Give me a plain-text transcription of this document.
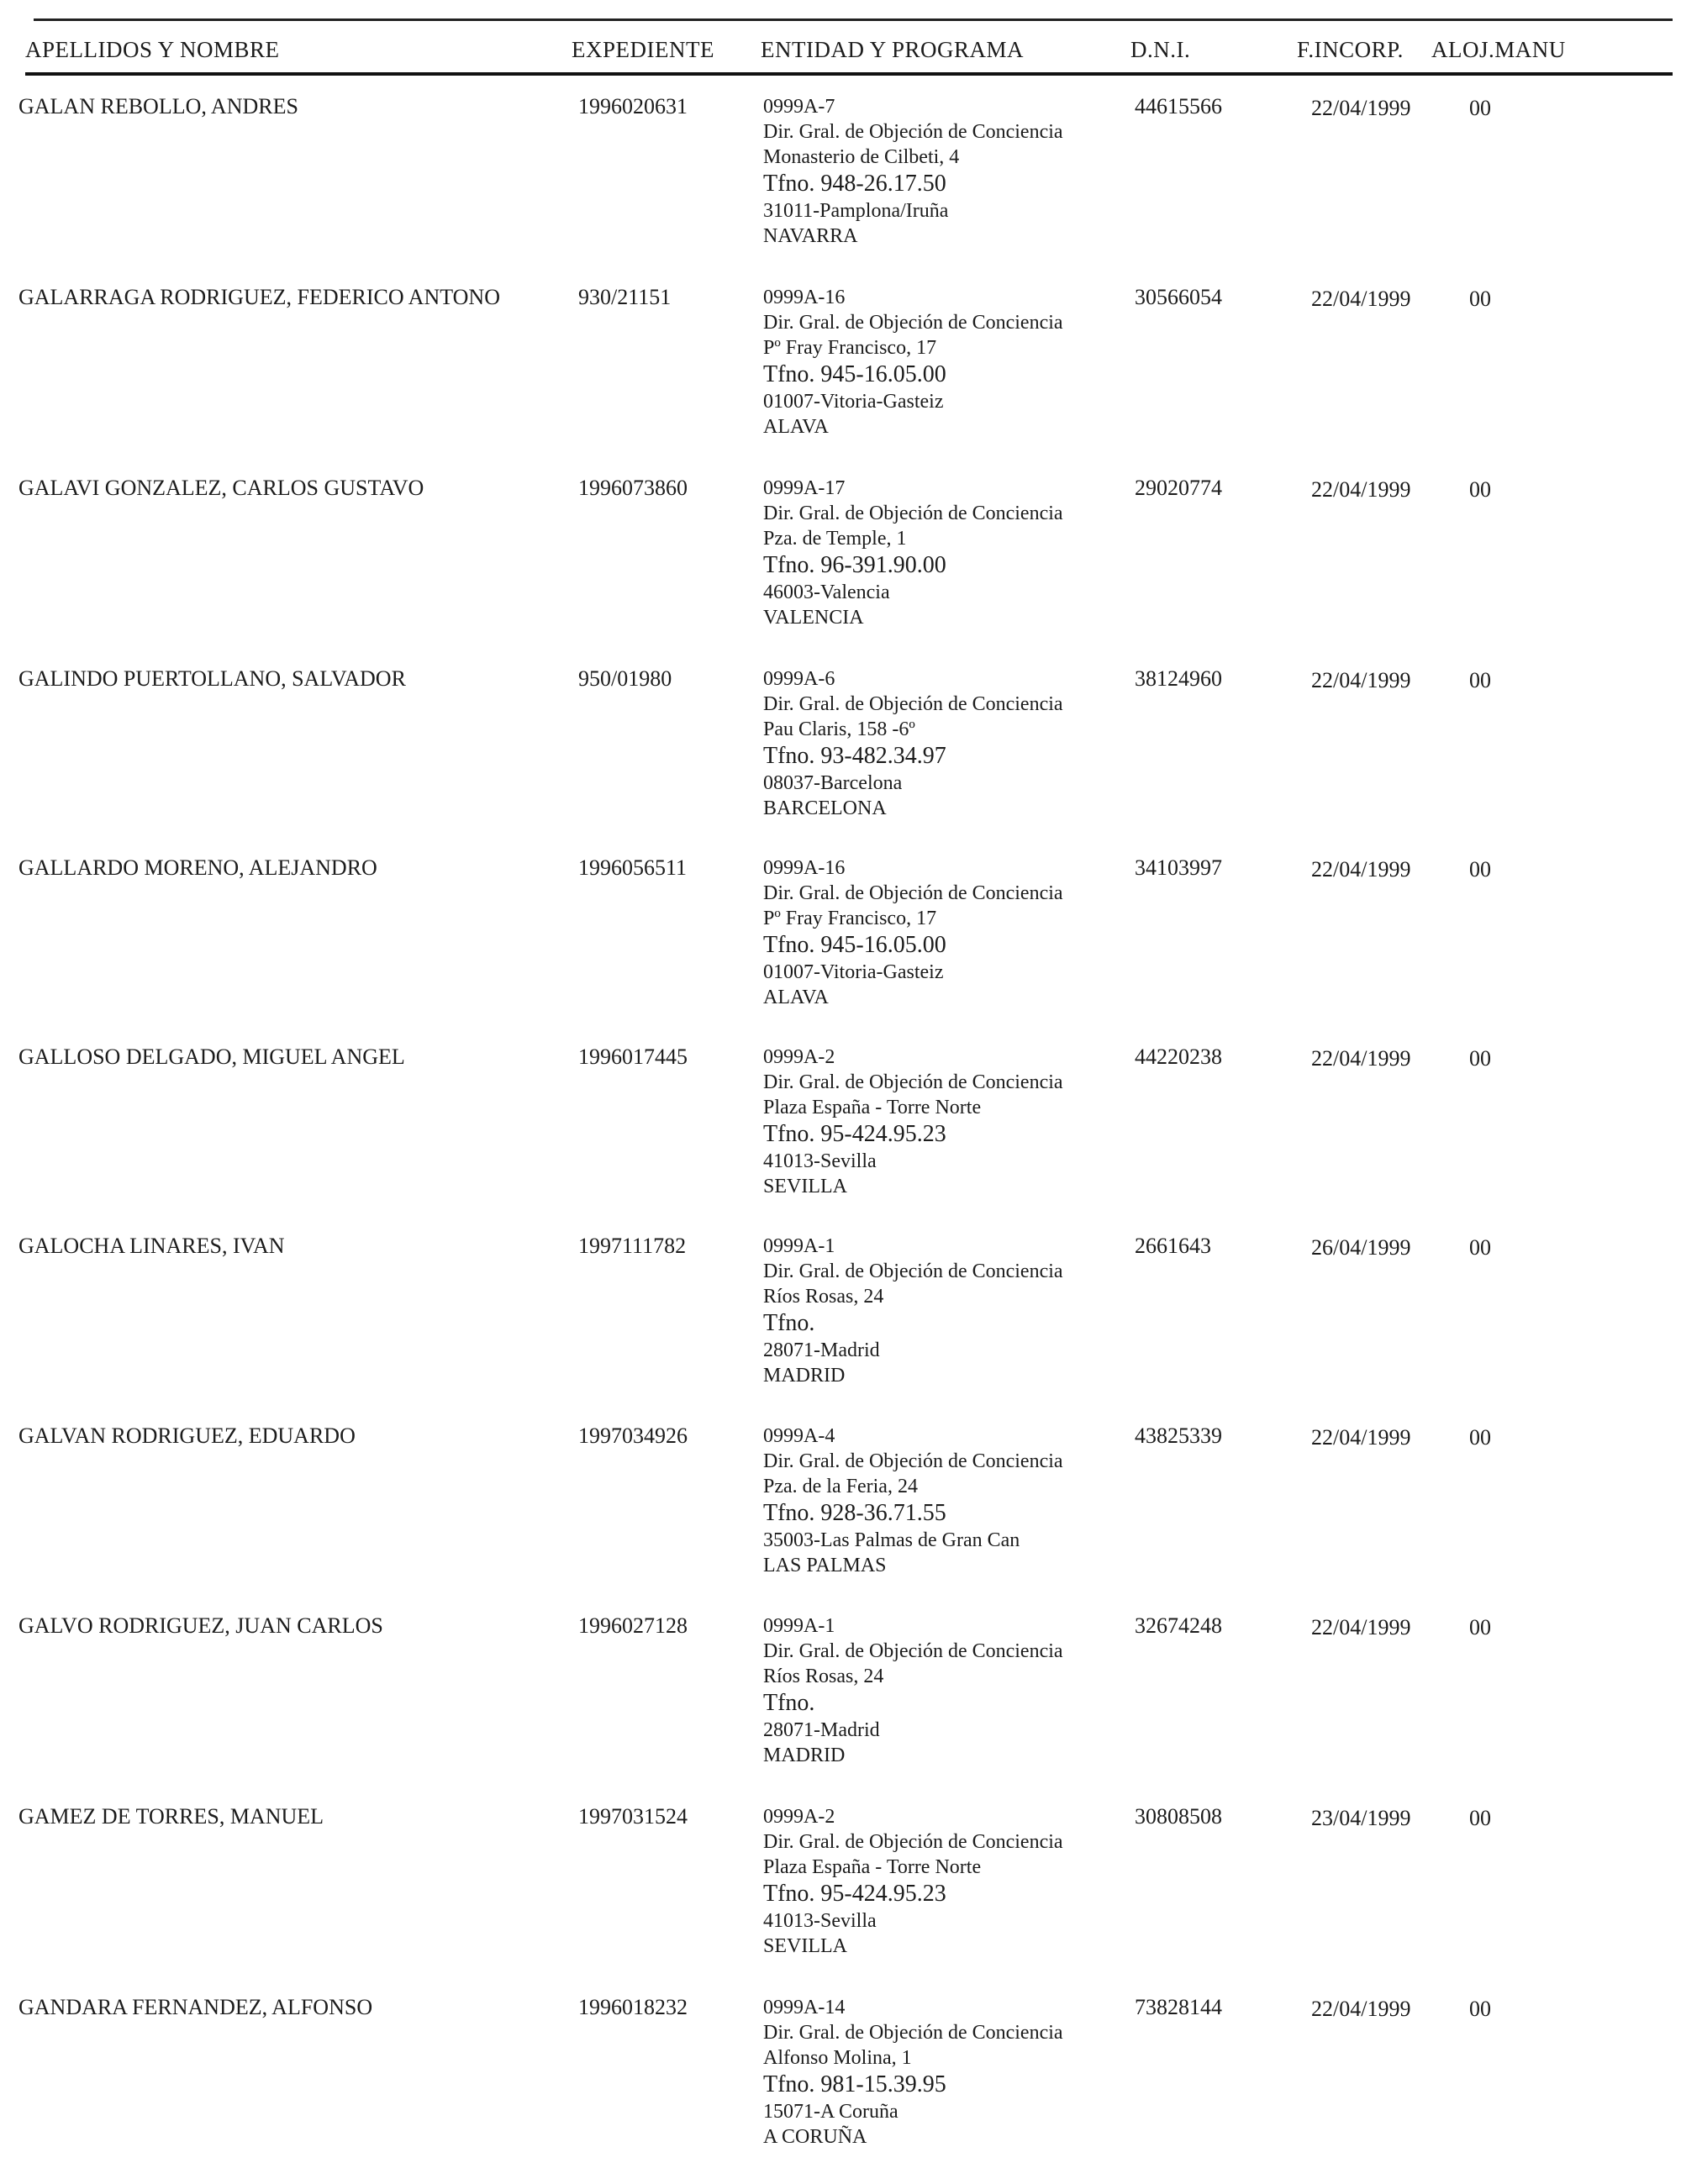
APELLIDOS Y NOMBRE	EXPEDIENTE ENTIDAD Y PROGRAMA	D.N.I.	F.INCORP. ALOJ.MANU
GALAN REBOLLO, ANDRES	1996020631	0999A-7
Dir. Gral. de Objeción de Conciencia
Monasterio de Cilbeti, 4
Tfno. 948-26.17.50
31011-Pamplona/Iruña
NAVARRA
44615566	22/04/1999	00
GALARRAGA RODRIGUEZ, FEDERICO ANTONO	930/21151	0999A-16
Dir. Gral. de Objeción de Conciencia
Pº Fray Francisco, 17
Tfno. 945-16.05.00
01007-Vitoria-Gasteiz
ALAVA
30566054	22/04/1999	00
GALAVI GONZALEZ, CARLOS GUSTAVO	1996073860	0999A-17
Dir. Gral. de Objeción de Conciencia
Pza. de Temple, 1
Tfno. 96-391.90.00
46003-Valencia
VALENCIA
29020774	22/04/1999	00
GALINDO PUERTOLLANO, SALVADOR	950/01980	0999A-6
Dir. Gral. de Objeción de Conciencia
Pau Claris, 158 -6º
Tfno. 93-482.34.97
08037-Barcelona
BARCELONA
38124960	22/04/1999	00
GALLARDO MORENO, ALEJANDRO	1996056511	0999A-16
Dir. Gral. de Objeción de Conciencia
Pº Fray Francisco, 17
Tfno. 945-16.05.00
01007-Vitoria-Gasteiz
ALAVA
34103997	22/04/1999	00
GALLOSO DELGADO, MIGUEL ANGEL	1996017445	0999A-2
Dir. Gral. de Objeción de Conciencia
Plaza España - Torre Norte
Tfno. 95-424.95.23
41013-Sevilla
SEVILLA
44220238	22/04/1999	00
GALOCHA LINARES, IVAN	1997111782	0999A-1
Dir. Gral. de Objeción de Conciencia
Ríos Rosas, 24
Tfno.
28071-Madrid
MADRID
2661643	26/04/1999	00
GALVAN RODRIGUEZ, EDUARDO	1997034926	0999A-4
Dir. Gral. de Objeción de Conciencia
Pza. de la Feria, 24
Tfno. 928-36.71.55
35003-Las Palmas de Gran Can
LAS PALMAS
43825339	22/04/1999	00
GALVO RODRIGUEZ, JUAN CARLOS	1996027128	0999A-1
Dir. Gral. de Objeción de Conciencia
Ríos Rosas, 24
Tfno.
28071-Madrid
MADRID
32674248	22/04/1999	00
GAMEZ DE TORRES, MANUEL	1997031524	0999A-2
Dir. Gral. de Objeción de Conciencia
Plaza España - Torre Norte
Tfno. 95-424.95.23
41013-Sevilla
SEVILLA
30808508	23/04/1999	00
GANDARA FERNANDEZ, ALFONSO	1996018232	0999A-14
Dir. Gral. de Objeción de Conciencia
Alfonso Molina, 1
Tfno. 981-15.39.95
15071-A Coruña
A CORUÑA
73828144	22/04/1999	00
